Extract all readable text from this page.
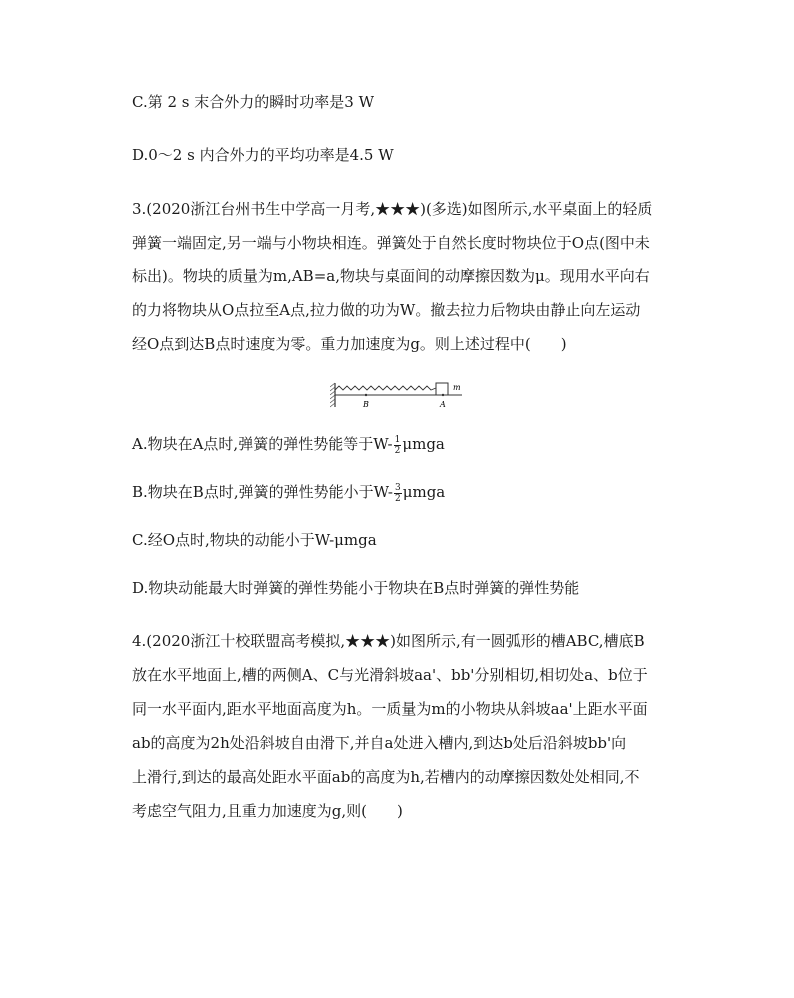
C.第 2 s 末合外力的瞬时功率是3 W

D.0～2 s 内合外力的平均功率是4.5 W

3.(2020浙江台州书生中学高一月考,★★★)(多选)如图所示,水平桌面上的轻质

弹簧一端固定,另一端与小物块相连。弹簧处于自然长度时物块位于O点(图中未

标出)。物块的质量为m,AB=a,物块与桌面间的动摩擦因数为μ。现用水平向右

的力将物块从O点拉至A点,拉力做的功为W。撤去拉力后物块由静止向左运动

经O点到达B点时速度为零。重力加速度为g。则上述过程中(　　)

m
B	A

A.物块在A点时,弹簧的弹性势能等于$W- \frac{1}{2}$ μmga

B.物块在B点时,弹簧的弹性势能小于$W- \frac{3}{2}$ μmga

C.经O点时,物块的动能小于W-μmga

D.物块动能最大时弹簧的弹性势能小于物块在B点时弹簧的弹性势能

4.(2020浙江十校联盟高考模拟,★★★)如图所示,有一圆弧形的槽ABC,槽底B

放在水平地面上,槽的两侧A、C与光滑斜坡aa'、bb'分别相切,相切处a、b位于

同一水平面内,距水平地面高度为h。一质量为m的小物块从斜坡aa'上距水平面

ab的高度为2h处沿斜坡自由滑下,并自a处进入槽内,到达b处后沿斜坡bb'向

上滑行,到达的最高处距水平面ab的高度为h,若槽内的动摩擦因数处处相同,不

考虑空气阻力,且重力加速度为g,则(　　)
